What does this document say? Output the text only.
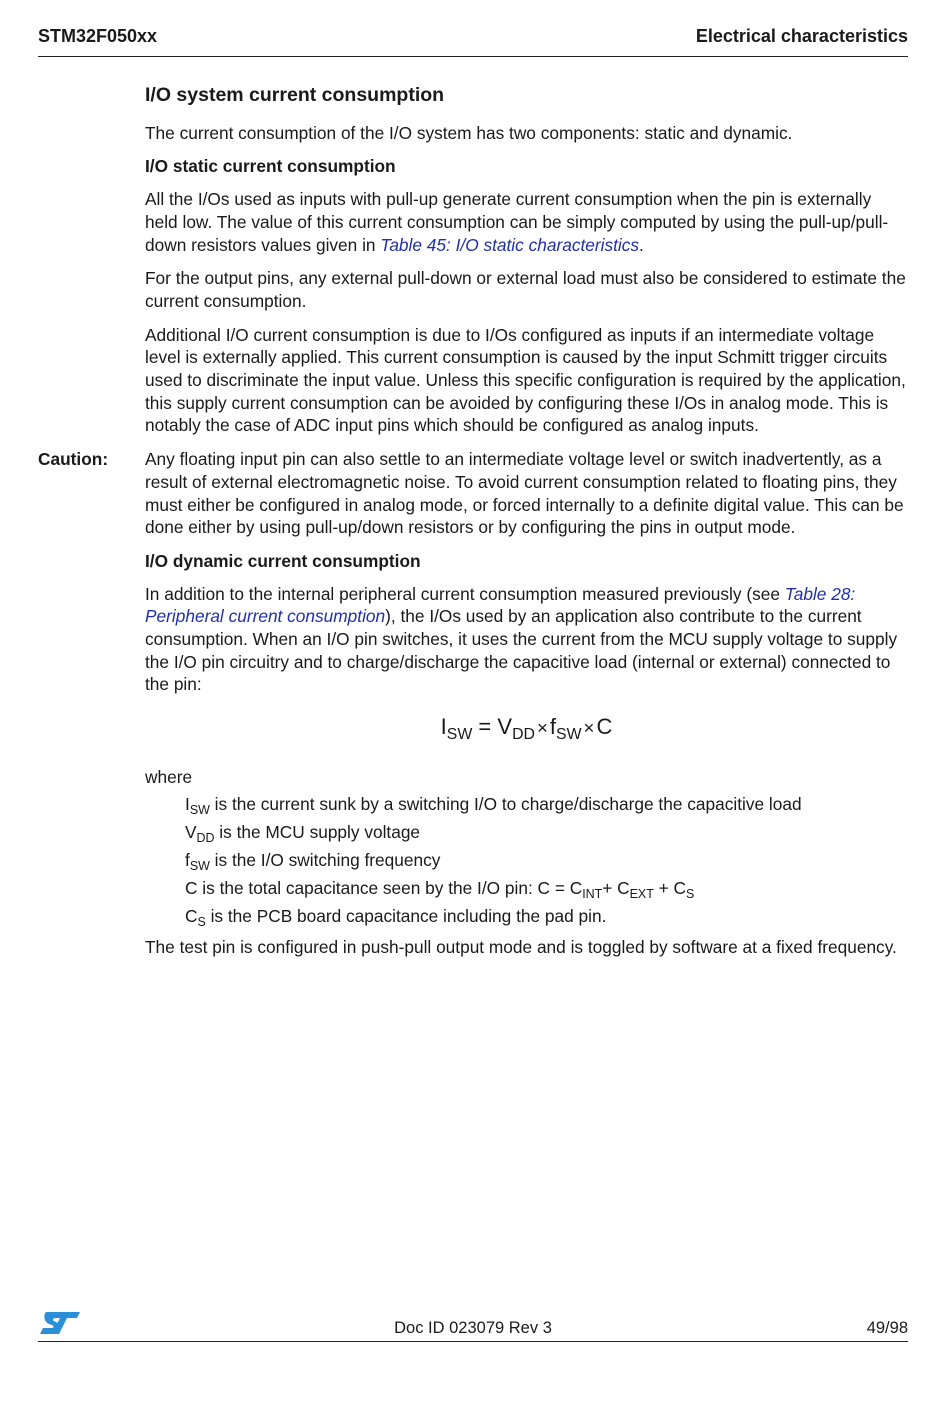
STM32F050xx	Electrical characteristics

I/O system current consumption

The current consumption of the I/O system has two components: static and dynamic.

I/O static current consumption

All the I/Os used as inputs with pull-up generate current consumption when the pin is externally held low. The value of this current consumption can be simply computed by using the pull-up/pull-down resistors values given in Table 45: I/O static characteristics.

For the output pins, any external pull-down or external load must also be considered to estimate the current consumption.

Additional I/O current consumption is due to I/Os configured as inputs if an intermediate voltage level is externally applied. This current consumption is caused by the input Schmitt trigger circuits used to discriminate the input value. Unless this specific configuration is required by the application, this supply current consumption can be avoided by configuring these I/Os in analog mode. This is notably the case of ADC input pins which should be configured as analog inputs.

Caution: Any floating input pin can also settle to an intermediate voltage level or switch inadvertently, as a result of external electromagnetic noise. To avoid current consumption related to floating pins, they must either be configured in analog mode, or forced internally to a definite digital value. This can be done either by using pull-up/down resistors or by configuring the pins in output mode.

I/O dynamic current consumption

In addition to the internal peripheral current consumption measured previously (see Table 28: Peripheral current consumption), the I/Os used by an application also contribute to the current consumption. When an I/O pin switches, it uses the current from the MCU supply voltage to supply the I/O pin circuitry and to charge/discharge the capacitive load (internal or external) connected to the pin:

$I_{SW} = V_{DD} \times f_{SW} \times C$

where

$I_{SW}$ is the current sunk by a switching I/O to charge/discharge the capacitive load
$V_{DD}$ is the MCU supply voltage
$f_{SW}$ is the I/O switching frequency
C is the total capacitance seen by the I/O pin: $C = C_{INT}+ C_{EXT} + C_S$
$C_S$ is the PCB board capacitance including the pad pin.

The test pin is configured in push-pull output mode and is toggled by software at a fixed frequency.

Doc ID 023079 Rev 3	49/98
